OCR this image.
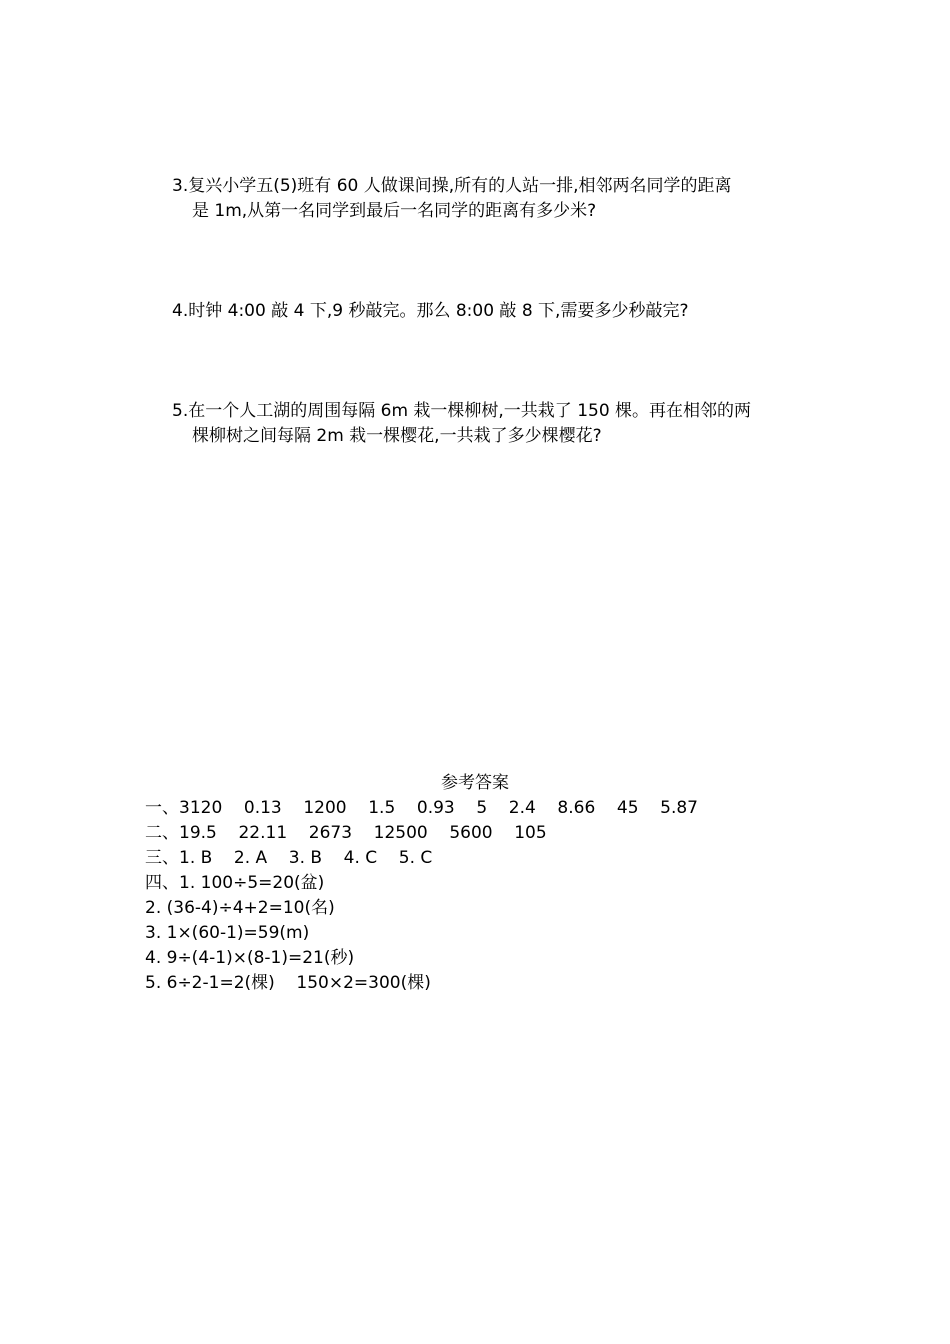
3.复兴小学五(5)班有 60 人做课间操,所有的人站一排,相邻两名同学的距离
是 1m,从第一名同学到最后一名同学的距离有多少米?
4.时钟 4:00 敲 4 下,9 秒敲完。那么 8:00 敲 8 下,需要多少秒敲完?
5.在一个人工湖的周围每隔 6m 栽一棵柳树,一共栽了 150 棵。再在相邻的两
棵柳树之间每隔 2m 栽一棵樱花,一共栽了多少棵樱花?
参考答案
一、3120    0.13    1200    1.5    0.93    5    2.4    8.66    45    5.87
二、19.5    22.11    2673    12500    5600    105
三、1. B    2. A    3. B    4. C    5. C
四、1. 100÷5=20(盆)
2. (36-4)÷4+2=10(名)
3. 1×(60-1)=59(m)
4. 9÷(4-1)×(8-1)=21(秒)
5. 6÷2-1=2(棵)    150×2=300(棵)
